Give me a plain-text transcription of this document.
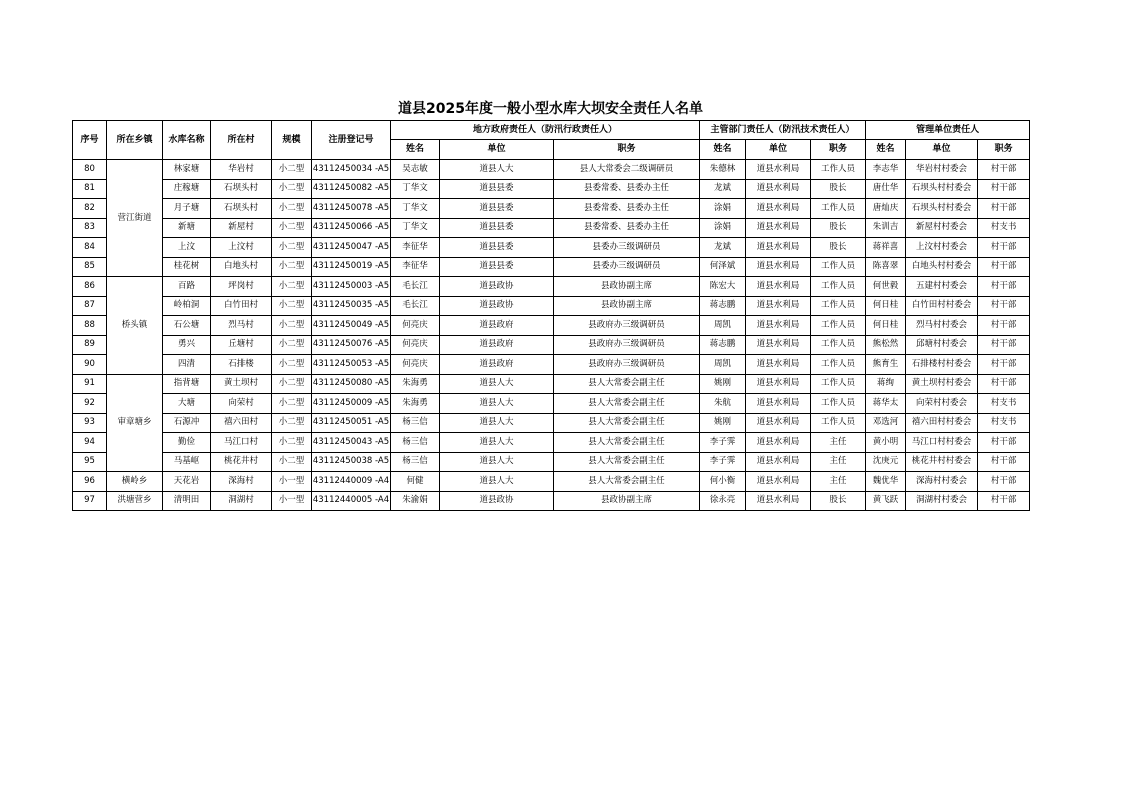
道县2025年度一般小型水库大坝安全责任人名单
序号	所在乡镇	水库名称	所在村	规模	注册登记号	地方政府责任人（防汛行政责任人）			主管部门责任人（防汛技术责任人）			管理单位责任人		
						姓名	单位	职务	姓名	单位	职务	姓名	单位	职务
80	营江街道	林家塘	华岩村	小二型	43112450034 -A5	吴志敏	道县人大	县人大常委会二级调研员	朱德林	道县水利局	工作人员	李志华	华岩村村委会	村干部
81		庄稼塘	石坝头村	小二型	43112450082 -A5	丁华文	道县县委	县委常委、县委办主任	龙斌	道县水利局	股长	唐仕华	石坝头村村委会	村干部
82		月子塘	石坝头村	小二型	43112450078 -A5	丁华文	道县县委	县委常委、县委办主任	涂娟	道县水利局	工作人员	唐灿庆	石坝头村村委会	村干部
83		新塘	新屋村	小二型	43112450066 -A5	丁华文	道县县委	县委常委、县委办主任	涂娟	道县水利局	股长	朱训吉	新屋村村委会	村支书
84		上汶	上汶村	小二型	43112450047 -A5	李征华	道县县委	县委办三级调研员	龙斌	道县水利局	股长	蒋祥喜	上汶村村委会	村干部
85		桂花树	白地头村	小二型	43112450019 -A5	李征华	道县县委	县委办三级调研员	何泽斌	道县水利局	工作人员	陈喜翠	白地头村村委会	村干部
86	桥头镇	百路	坪岗村	小二型	43112450003 -A5	毛长江	道县政协	县政协副主席	陈宏大	道县水利局	工作人员	何世毅	五建村村委会	村干部
87		岭柏洞	白竹田村	小二型	43112450035 -A5	毛长江	道县政协	县政协副主席	蒋志鹏	道县水利局	工作人员	何日桂	白竹田村村委会	村干部
88		石公塘	烈马村	小二型	43112450049 -A5	何亮庆	道县政府	县政府办三级调研员	周凯	道县水利局	工作人员	何日桂	烈马村村委会	村干部
89		勇兴	丘塘村	小二型	43112450076 -A5	何亮庆	道县政府	县政府办三级调研员	蒋志鹏	道县水利局	工作人员	熊松然	邱塘村村委会	村干部
90		四清	石排楼	小二型	43112450053 -A5	何亮庆	道县政府	县政府办三级调研员	周凯	道县水利局	工作人员	熊育生	石排楼村村委会	村干部
91	审章塘乡	指背塘	黄土坝村	小二型	43112450080 -A5	朱海勇	道县人大	县人大常委会副主任	姚刚	道县水利局	工作人员	蒋绚	黄土坝村村委会	村干部
92		大塘	向荣村	小二型	43112450009 -A5	朱海勇	道县人大	县人大常委会副主任	朱航	道县水利局	工作人员	蒋华太	向荣村村委会	村支书
93		石源冲	禧六田村	小二型	43112450051 -A5	杨三信	道县人大	县人大常委会副主任	姚刚	道县水利局	工作人员	邓选河	禧六田村村委会	村支书
94		勤俭	马江口村	小二型	43112450043 -A5	杨三信	道县人大	县人大常委会副主任	李子霁	道县水利局	主任	黄小明	马江口村村委会	村干部
95		马基岖	桃花井村	小二型	43112450038 -A5	杨三信	道县人大	县人大常委会副主任	李子霁	道县水利局	主任	沈庚元	桃花井村村委会	村干部
96	横岭乡	天花岩	深海村	小一型	43112440009 -A4	何健	道县人大	县人大常委会副主任	何小衡	道县水利局	主任	魏优华	深海村村委会	村干部
97	洪塘营乡	清明田	洞湖村	小一型	43112440005 -A4	朱渝娟	道县政协	县政协副主席	徐永亮	道县水利局	股长	黄飞跃	洞湖村村委会	村干部
